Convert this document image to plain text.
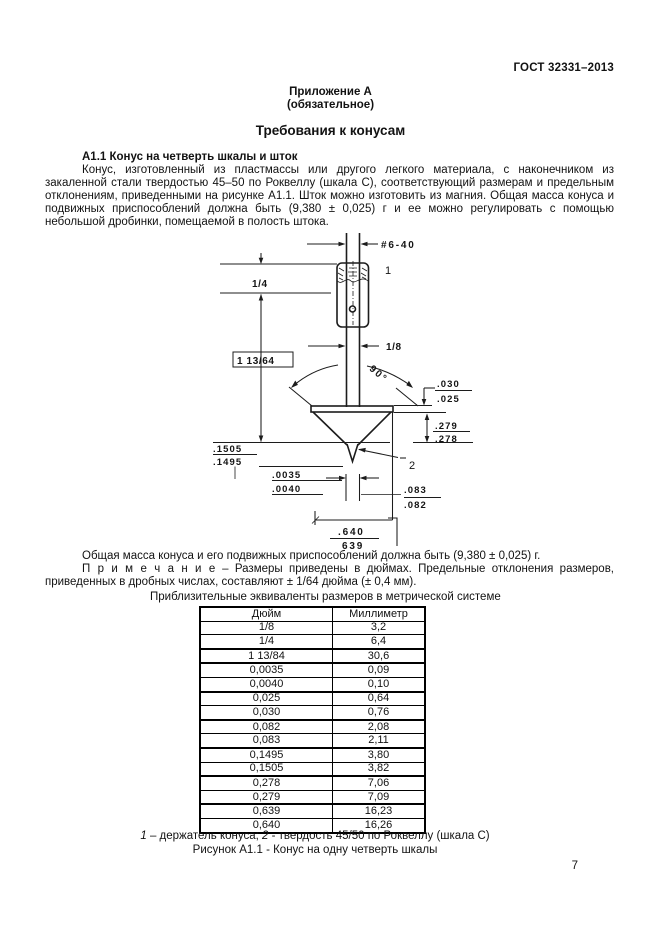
ГОСТ 32331–2013
Приложение А
(обязательное)
Требования к конусам
А1.1 Конус на четверть шкалы и шток
Конус, изготовленный из пластмассы или другого легкого материала, с наконечником из закаленной стали твердостью 45–50 по Роквеллу (шкала С), соответствующий размерам и предельным отклонениям, приведенными на рисунке А1.1. Шток можно изготовить из магния. Общая масса конуса и подвижных приспособлений должна быть (9,380 ± 0,025) г и ее можно регулировать с помощью небольшой дробинки, помещаемой в полость штока.
#6-40
1
1/4
1 13/64
1/8
90°
.1505
.1495
.0035
.0040	.083
.082
.030
.025
.279
.278
2
.640
639
Общая масса конуса и его подвижных приспособлений должна быть (9,380 ± 0,025) г.
П р и м е ч а н и е – Размеры приведены в дюймах. Предельные отклонения размеров, приведенных в дробных числах, составляют ± 1/64 дюйма (± 0,4 мм).
Приблизительные эквиваленты размеров в метрической системе
Дюйм	Миллиметр
1/8	3,2
1/4	6,4
1 13/84	30,6
0,0035	0,09
0,0040	0,10
0,025	0,64
0,030	0,76
0,082	2,08
0,083	2,11
0,1495	3,80
0,1505	3,82
0,278	7,06
0,279	7,09
0,639	16,23
0,640	16,26
1 – держатель конуса; 2 - твердость 45/50 по Роквеллу (шкала С)
Рисунок А1.1 - Конус на одну четверть шкалы
7
